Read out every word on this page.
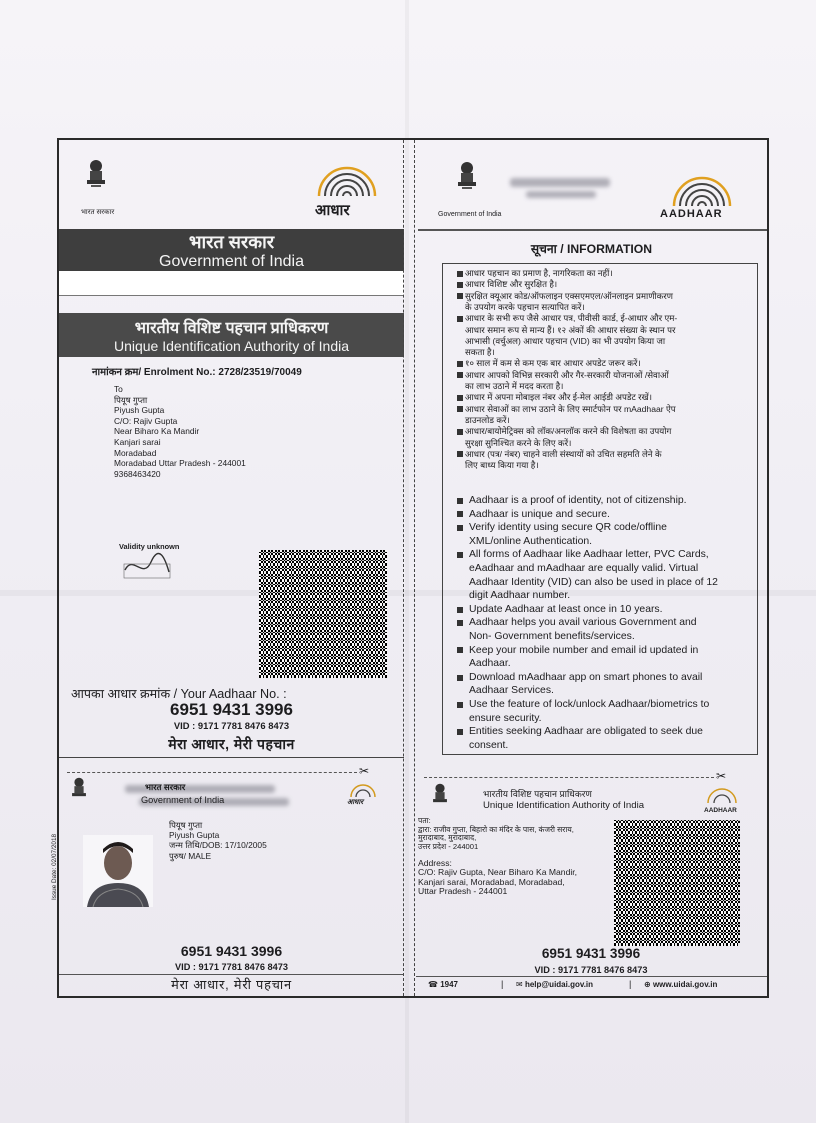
भारत सरकार	आधार
भारत सरकार
Government of India
भारतीय विशिष्ट पहचान प्राधिकरण
Unique Identification Authority of India
नामांकन क्रम/ Enrolment No.: 2728/23519/70049
To
पियूष गुप्ता
Piyush Gupta
C/O: Rajiv Gupta
Near Biharo Ka Mandir
Kanjari sarai
Moradabad
Moradabad Uttar Pradesh - 244001
9368463420
Validity unknown
आपका आधार क्रमांक / Your Aadhaar No. :
6951 9431 3996
VID : 9171 7781 8476 8473
मेरा आधार, मेरी पहचान
✂
भारत सरकार
Government of India	आधार
Issue Date: 02/07/2018
पियूष गुप्ता
Piyush Gupta
जन्म तिथि/DOB: 17/10/2005
पुरुष/ MALE
6951 9431 3996
VID : 9171 7781 8476 8473
मेरा आधार, मेरी पहचान
Government of India	AADHAAR
सूचना / INFORMATION
आधार पहचान का प्रमाण है, नागरिकता का नहीं।
आधार विशिष्ट और सुरक्षित है।
सुरक्षित क्यूआर कोड/ऑफलाइन एक्सएमएल/ऑनलाइन प्रमाणीकरण
के उपयोग करके पहचान सत्यापित करें।
आधार के सभी रूप जैसे आधार पत्र, पीवीसी कार्ड, ई-आधार और एम-
आधार समान रूप से मान्य हैं। १२ अंकों की आधार संख्या के स्थान पर
आभासी (वर्चुअल) आधार पहचान (VID) का भी उपयोग किया जा
सकता है।
१० साल में कम से कम एक बार आधार अपडेट जरूर करें।
आधार आपको विभिन्न सरकारी और गैर-सरकारी योजनाओं /सेवाओं
का लाभ उठाने में मदद करता है।
आधार में अपना मोबाइल नंबर और ई-मेल आईडी अपडेट रखें।
आधार सेवाओं का लाभ उठाने के लिए स्मार्टफोन पर mAadhaar ऐप
डाउनलोड करें।
आधार/बायोमेट्रिक्स को लॉक/अनलॉक करने की विशेषता का उपयोग
सुरक्षा सुनिश्चित करने के लिए करें।
आधार (पत्र/ नंबर) चाहने वाली संस्थायों को उचित सहमति लेने के
लिए बाध्य किया गया है।
Aadhaar is a proof of identity, not of citizenship.
Aadhaar is unique and secure.
Verify identity using secure QR code/offline
XML/online Authentication.
All forms of Aadhaar like Aadhaar letter, PVC Cards,
eAadhaar and mAadhaar are equally valid. Virtual
Aadhaar Identity (VID) can also be used in place of 12
digit Aadhaar number.
Update Aadhaar at least once in 10 years.
Aadhaar helps you avail various Government and
Non- Government benefits/services.
Keep your mobile number and email id updated in
Aadhaar.
Download mAadhaar app on smart phones to avail
Aadhaar Services.
Use the feature of lock/unlock Aadhaar/biometrics to
ensure security.
Entities seeking Aadhaar are obligated to seek due
consent.
✂
भारतीय विशिष्ट पहचान प्राधिकरण
Unique Identification Authority of India	AADHAAR
पता:
द्वारा: राजीव गुप्ता, बिहारो का मंदिर के पास, कंजरी सराय,
मुरादाबाद, मुरादाबाद,
उत्तर प्रदेश - 244001
Address:
C/O: Rajiv Gupta, Near Biharo Ka Mandir,
Kanjari sarai, Moradabad, Moradabad,
Uttar Pradesh - 244001
6951 9431 3996
VID : 9171 7781 8476 8473
☎ 1947	| ✉ help@uidai.gov.in	| ⊕ www.uidai.gov.in
